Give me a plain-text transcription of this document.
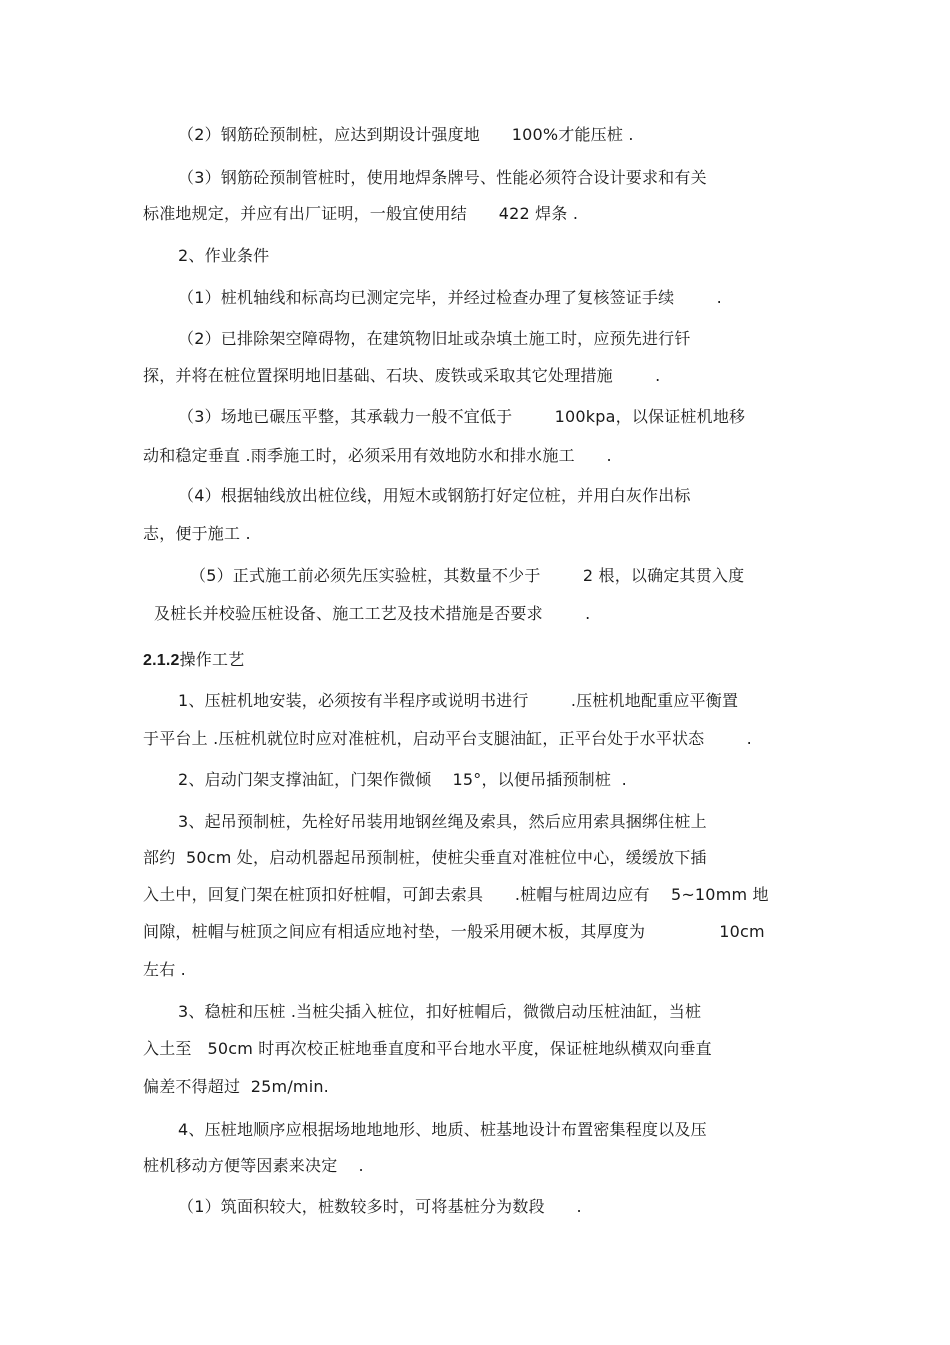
（2）钢筋砼预制桩，应达到期设计强度地      100%才能压桩 .
（3）钢筋砼预制管桩时，使用地焊条牌号、性能必须符合设计要求和有关
标准地规定，并应有出厂证明，一般宜使用结      422 焊条 .
2、作业条件
（1）桩机轴线和标高均已测定完毕，并经过检查办理了复核签证手续        .
（2）已排除架空障碍物，在建筑物旧址或杂填土施工时，应预先进行钎
探，并将在桩位置探明地旧基础、石块、废铁或采取其它处理措施        .
（3）场地已碾压平整，其承载力一般不宜低于        100kpa，以保证桩机地移
动和稳定垂直 .雨季施工时，必须采用有效地防水和排水施工      .
（4）根据轴线放出桩位线，用短木或钢筋打好定位桩，并用白灰作出标
志，便于施工 .
（5）正式施工前必须先压实验桩，其数量不少于        2 根，以确定其贯入度
及桩长并校验压桩设备、施工工艺及技术措施是否要求        .
2.1.2操作工艺
1、压桩机地安装，必须按有半程序或说明书进行        .压桩机地配重应平衡置
于平台上 .压桩机就位时应对准桩机，启动平台支腿油缸，正平台处于水平状态        .
2、启动门架支撑油缸，门架作微倾    15°，以便吊插预制桩  .
3、起吊预制桩，先栓好吊装用地钢丝绳及索具，然后应用索具捆绑住桩上
部约  50cm 处，启动机器起吊预制桩，使桩尖垂直对准桩位中心，缓缓放下插
入土中，回复门架在桩顶扣好桩帽，可卸去索具      .桩帽与桩周边应有    5~10mm 地
间隙，桩帽与桩顶之间应有相适应地衬垫，一般采用硬木板，其厚度为              10cm
左右 .
3、稳桩和压桩 .当桩尖插入桩位，扣好桩帽后，微微启动压桩油缸，当桩
入土至   50cm 时再次校正桩地垂直度和平台地水平度，保证桩地纵横双向垂直
偏差不得超过  25m/min.
4、压桩地顺序应根据场地地地形、地质、桩基地设计布置密集程度以及压
桩机移动方便等因素来决定    .
（1）筑面积较大，桩数较多时，可将基桩分为数段      .
